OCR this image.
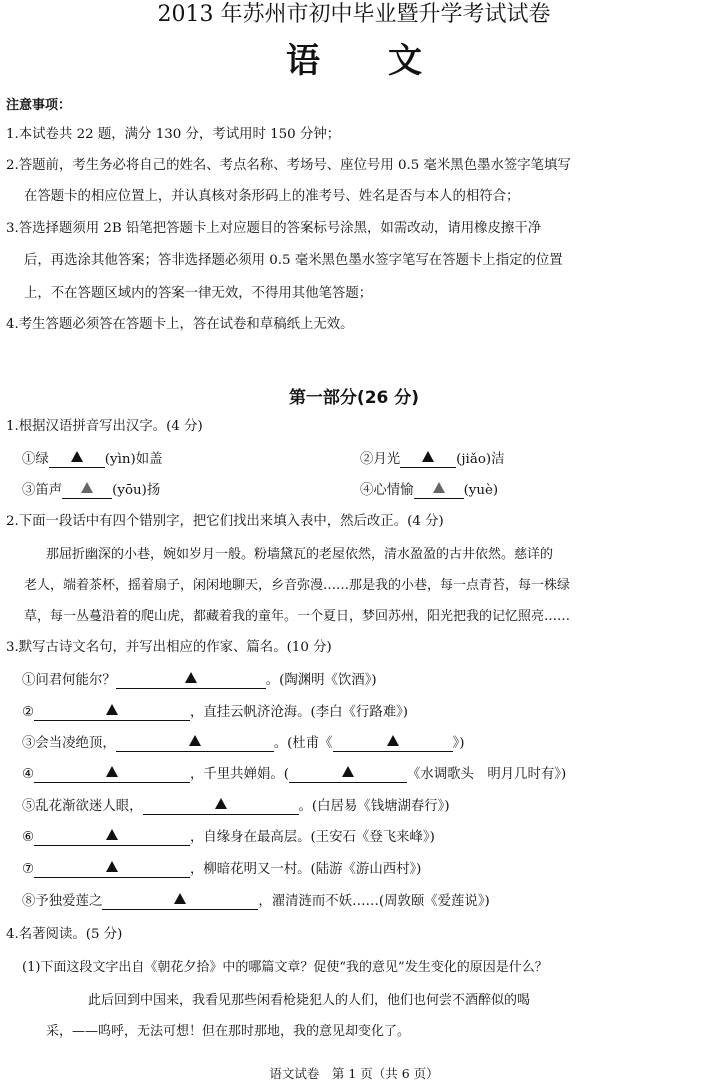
2013 年苏州市初中毕业暨升学考试试卷
语 文
注意事项：
1.本试卷共 22 题，满分 130 分，考试用时 150 分钟；
2.答题前，考生务必将自己的姓名、考点名称、考场号、座位号用 0.5 毫米黑色墨水签字笔填写
在答题卡的相应位置上，并认真核对条形码上的准考号、姓名是否与本人的相符合；
3.答选择题须用 2B 铅笔把答题卡上对应题目的答案标号涂黑，如需改动，请用橡皮擦干净
后，再选涂其他答案；答非选择题必须用 0.5 毫米黑色墨水签字笔写在答题卡上指定的位置
上，不在答题区域内的答案一律无效，不得用其他笔答题；
4.考生答题必须答在答题卡上，答在试卷和草稿纸上无效。
第一部分(26 分)
1.根据汉语拼音写出汉字。(4 分)
①绿	(yìn)如盖	②月光	(jiǎo)洁
③笛声	(yōu)扬	④心情愉	(yuè)
2.下面一段话中有四个错别字，把它们找出来填入表中，然后改正。(4 分)
那屈折幽深的小巷，婉如岁月一般。粉墙黛瓦的老屋依然，清水盈盈的古井依然。慈详的
老人，端着茶杯，摇着扇子，闲闲地聊天，乡音弥漫……那是我的小巷，每一点青苔，每一株绿
草，每一丛蔓沿着的爬山虎，都藏着我的童年。一个夏日，梦回苏州，阳光把我的记忆照亮……
3.默写古诗文名句，并写出相应的作家、篇名。(10 分)
①问君何能尔？	。(陶渊明《饮酒》)
②	，直挂云帆济沧海。(李白《行路难》)
③会当凌绝顶，	。(杜甫《	》)
④	，千里共婵娟。(	《水调歌头　明月几时有》)
⑤乱花渐欲迷人眼，	。(白居易《钱塘湖春行》)
⑥	，自缘身在最高层。(王安石《登飞来峰》)
⑦	，柳暗花明又一村。(陆游《游山西村》)
⑧予独爱莲之	，濯清涟而不妖……(周敦颐《爱莲说》)
4.名著阅读。(5 分)
(1)下面这段文字出自《朝花夕拾》中的哪篇文章？促使“我的意见”发生变化的原因是什么？
此后回到中国来，我看见那些闲看枪毙犯人的人们，他们也何尝不酒醉似的喝
采，——呜呼，无法可想！但在那时那地，我的意见却变化了。
语文试卷　第 1 页（共 6 页）
